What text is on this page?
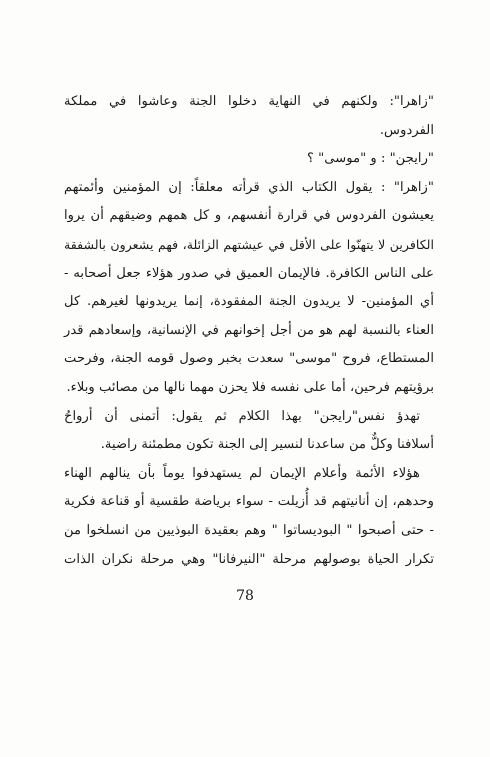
"زاهرا": ولكنهم في النهاية دخلوا الجنة وعاشوا في مملكة
الفردوس.
"رايجن" : و "موسى" ؟
"زاهرا" : يقول الكتاب الذي قرأته معلقاً: إن المؤمنين وأئمتهم
يعيشون الفردوس في قرارة أنفسهم، و كل همهم وضيقهم أن يروا
الكافرين لا يتهنّوا على الأقل في عيشتهم الزائلة، فهم يشعرون بالشفقة
على الناس الكافرة. فالإيمان العميق في صدور هؤلاء جعل أصحابه -
أي المؤمنين- لا يريدون الجنة المفقودة، إنما يريدونها لغيرهم. كل
العناء بالنسبة لهم هو من أجل إخوانهم في الإنسانية، وإسعادهم قدر
المستطاع، فروح "موسى" سعدت بخبر وصول قومه الجنة، وفرحت
برؤيتهم فرحين، أما على نفسه فلا يحزن مهما نالها من مصائب وبلاء.
تهدؤ نفس"رايجن" بهذا الكلام ثم يقول: أتمنى أن أرواحُ
أسلافنا وكلٌّ من ساعدنا لنسير إلى الجنة تكون مطمئنة راضية.
هؤلاء الأئمة وأعلام الإيمان لم يستهدفوا يوماً بأن ينالهم الهناء
وحدهم، إن أنانيتهم قد أُزيلت - سواء برياضة طقسية أو قناعة فكرية
- حتى أصبحوا " البوديساتوا " وهم بعقيدة البوذيين من انسلخوا من
تكرار الحياة بوصولهم مرحلة "النيرفانا" وهي مرحلة نكران الذات
78
